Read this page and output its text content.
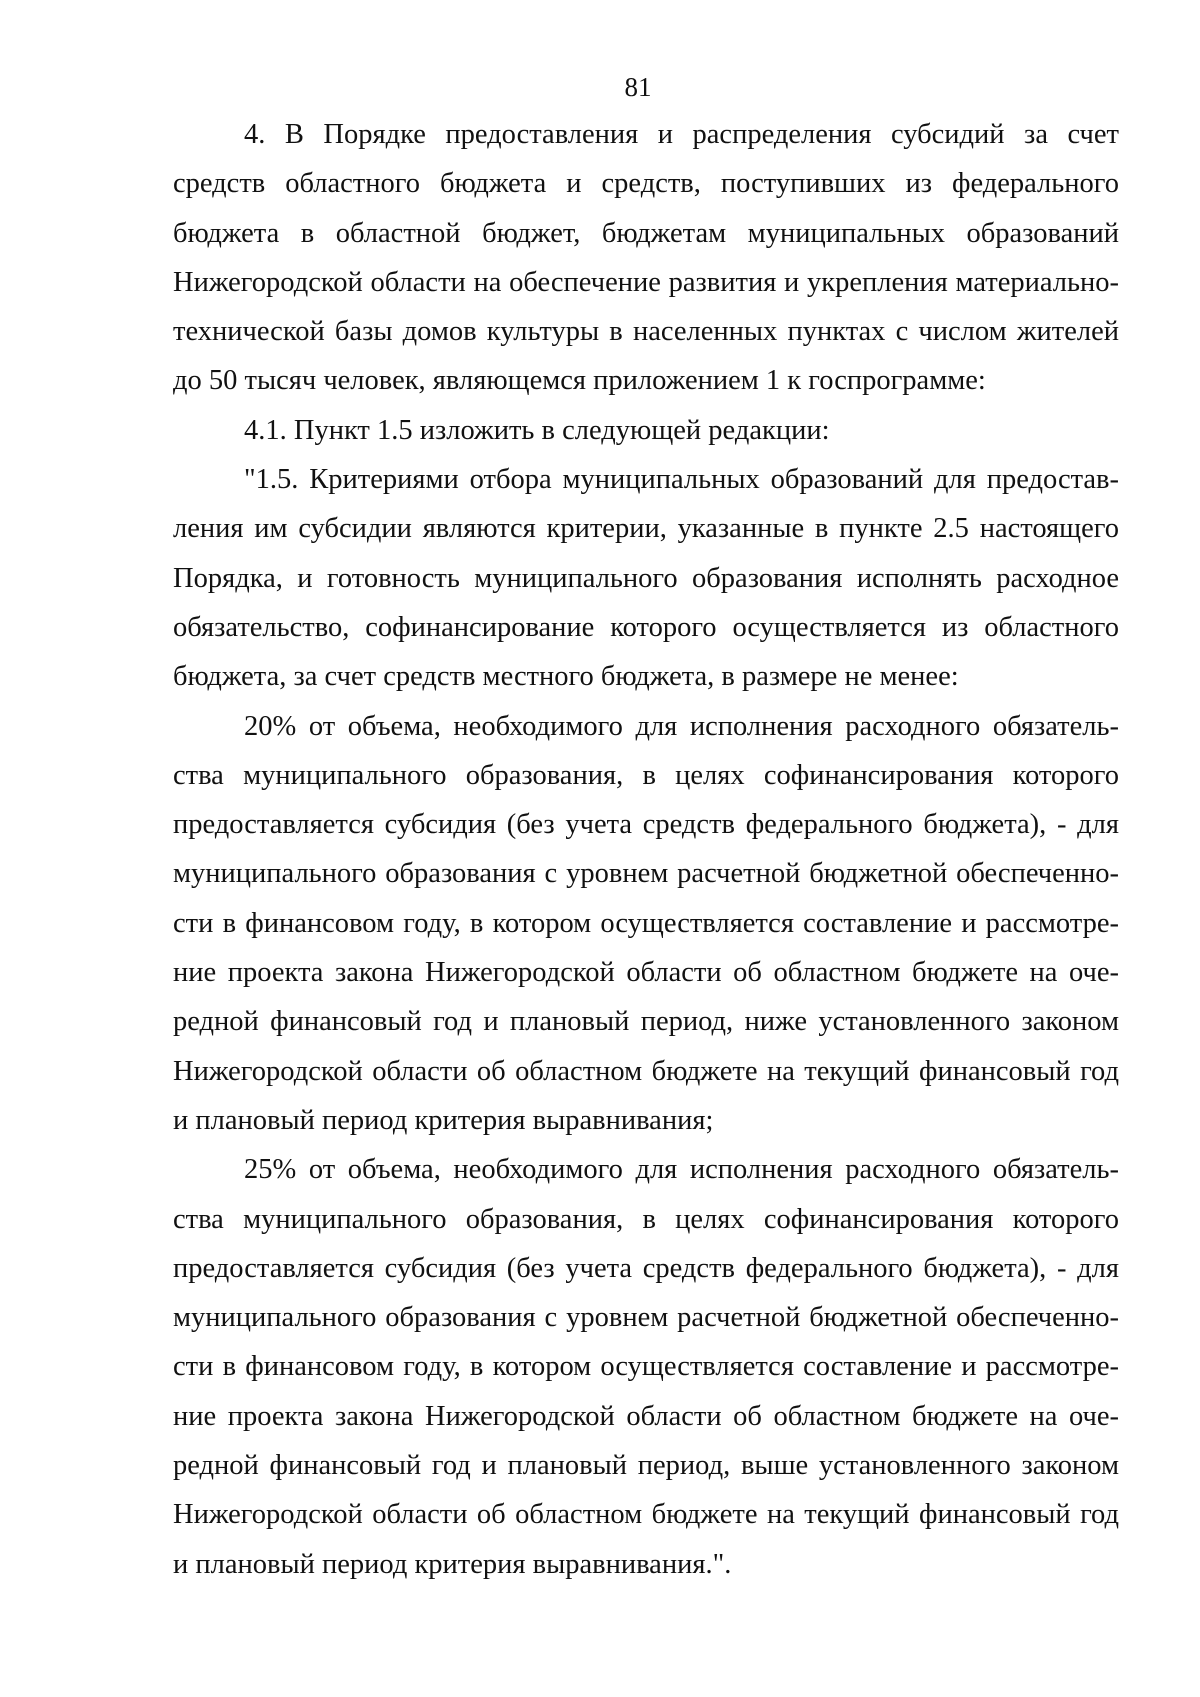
81

4. В Порядке предоставления и распределения субсидий за счет средств областного бюджета и средств, поступивших из федерального бюджета в областной бюджет, бюджетам муниципальных образований Нижегородской области на обеспечение развития и укрепления материально-технической базы домов культуры в населенных пунктах с числом жителей до 50 тысяч человек, являющемся приложением 1 к госпрограмме:

4.1. Пункт 1.5 изложить в следующей редакции:

"1.5. Критериями отбора муниципальных образований для предоставления им субсидии являются критерии, указанные в пункте 2.5 настоящего Порядка, и готовность муниципального образования исполнять расходное обязательство, софинансирование которого осуществляется из областного бюджета, за счет средств местного бюджета, в размере не менее:

20% от объема, необходимого для исполнения расходного обязательства муниципального образования, в целях софинансирования которого предоставляется субсидия (без учета средств федерального бюджета), - для муниципального образования с уровнем расчетной бюджетной обеспеченности в финансовом году, в котором осуществляется составление и рассмотрение проекта закона Нижегородской области об областном бюджете на очередной финансовый год и плановый период, ниже установленного законом Нижегородской области об областном бюджете на текущий финансовый год и плановый период критерия выравнивания;

25% от объема, необходимого для исполнения расходного обязательства муниципального образования, в целях софинансирования которого предоставляется субсидия (без учета средств федерального бюджета), - для муниципального образования с уровнем расчетной бюджетной обеспеченности в финансовом году, в котором осуществляется составление и рассмотрение проекта закона Нижегородской области об областном бюджете на очередной финансовый год и плановый период, выше установленного законом Нижегородской области об областном бюджете на текущий финансовый год и плановый период критерия выравнивания.".
